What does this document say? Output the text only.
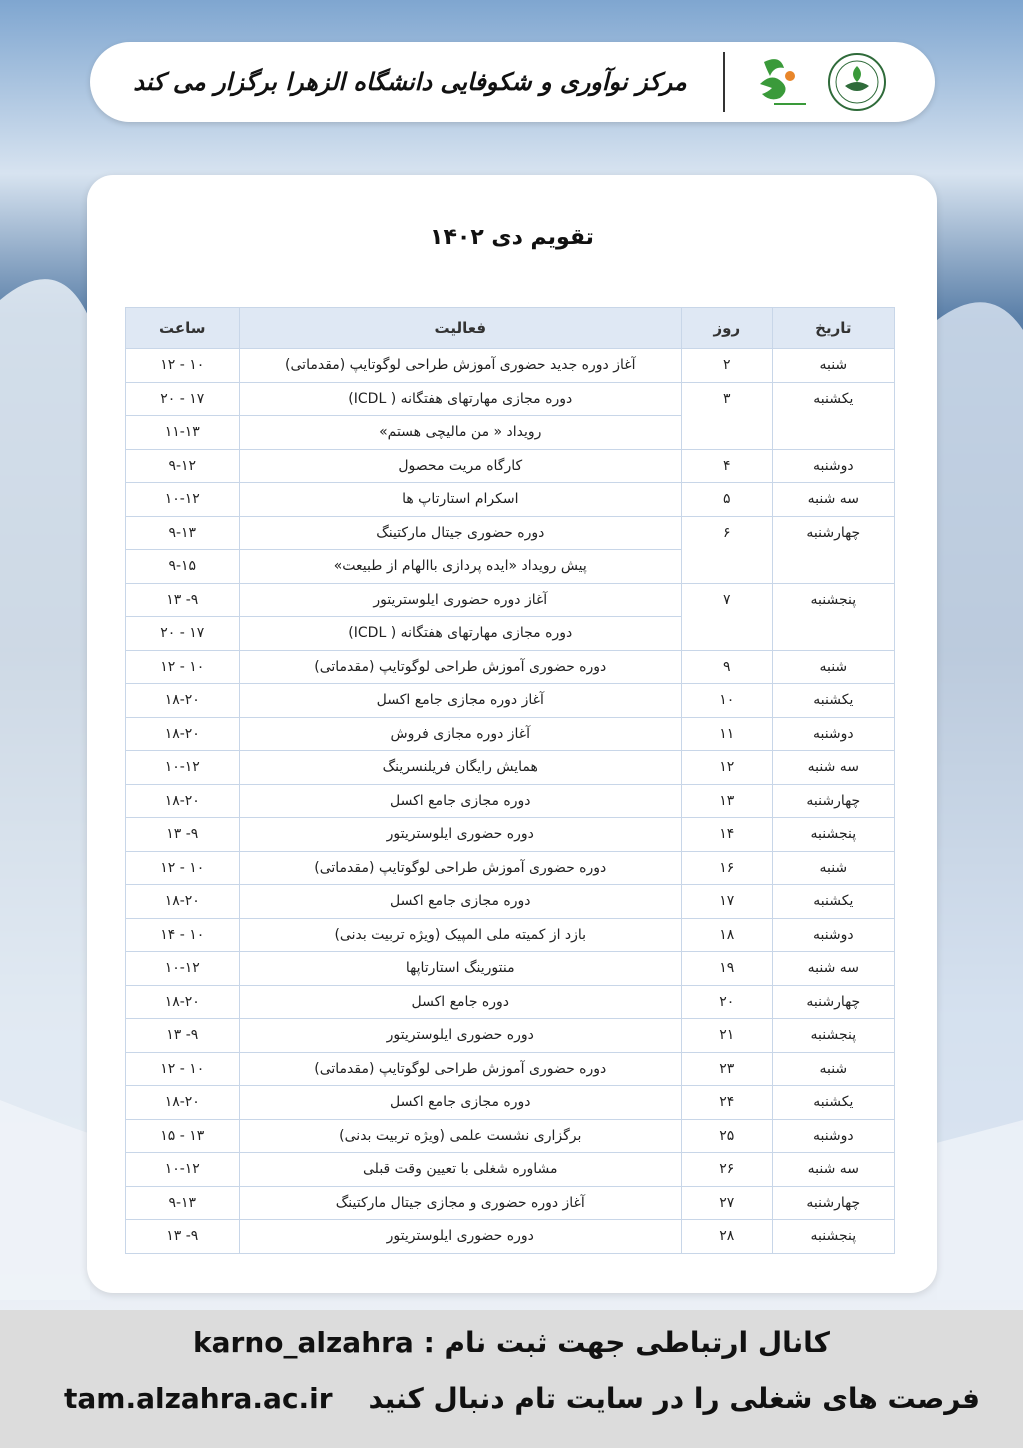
مرکز نوآوری و شکوفایی دانشگاه الزهرا برگزار می کند
تقویم دی ۱۴۰۲
تاریخ	روز	فعالیت	ساعت
شنبه	۲	آغاز دوره جدید حضوری آموزش طراحی لوگوتایپ (مقدماتی)	۱۰ - ۱۲
یکشنبه	۳	دوره مجازی مهارتهای هفتگانه ( ICDL)	۱۷ - ۲۰
		رویداد « من مالیچی هستم»	۱۱-۱۳
دوشنبه	۴	کارگاه مریت محصول	۹-۱۲
سه شنبه	۵	اسکرام استارتاپ ها	۱۰-۱۲
چهارشنبه	۶	دوره حضوری جیتال مارکتینگ	۹-۱۳
		پیش رویداد «ایده پردازی باالهام از طبیعت»	۹-۱۵
پنجشنبه	۷	آغاز دوره حضوری ایلوستریتور	۹- ۱۳
		دوره مجازی مهارتهای هفتگانه ( ICDL)	۱۷ - ۲۰
شنبه	۹	دوره حضوری آموزش طراحی لوگوتایپ (مقدماتی)	۱۰ - ۱۲
یکشنبه	۱۰	آغاز دوره مجازی جامع اکسل	۱۸-۲۰
دوشنبه	۱۱	آغاز دوره مجازی فروش	۱۸-۲۰
سه شنبه	۱۲	همایش رایگان فریلنسرینگ	۱۰-۱۲
چهارشنبه	۱۳	دوره مجازی جامع اکسل	۱۸-۲۰
پنجشنبه	۱۴	دوره حضوری ایلوستریتور	۹- ۱۳
شنبه	۱۶	دوره حضوری آموزش طراحی لوگوتایپ (مقدماتی)	۱۰ - ۱۲
یکشنبه	۱۷	دوره مجازی جامع اکسل	۱۸-۲۰
دوشنبه	۱۸	بازد از کمیته ملی المپیک (ویژه تربیت بدنی)	۱۰ - ۱۴
سه شنبه	۱۹	منتورینگ استارتاپها	۱۰-۱۲
چهارشنبه	۲۰	دوره جامع اکسل	۱۸-۲۰
پنجشنبه	۲۱	دوره حضوری ایلوستریتور	۹- ۱۳
شنبه	۲۳	دوره حضوری آموزش طراحی لوگوتایپ (مقدماتی)	۱۰ - ۱۲
یکشنبه	۲۴	دوره مجازی جامع اکسل	۱۸-۲۰
دوشنبه	۲۵	برگزاری نشست علمی (ویژه تربیت بدنی)	۱۳ - ۱۵
سه شنبه	۲۶	مشاوره شغلی با تعیین وقت قبلی	۱۰-۱۲
چهارشنبه	۲۷	آغاز دوره حضوری و مجازی جیتال مارکتینگ	۹-۱۳
پنجشنبه	۲۸	دوره حضوری ایلوستریتور	۹- ۱۳
کانال ارتباطی جهت ثبت نام : karno_alzahra
فرصت های شغلی را در سایت تام دنبال کنید
tam.alzahra.ac.ir
